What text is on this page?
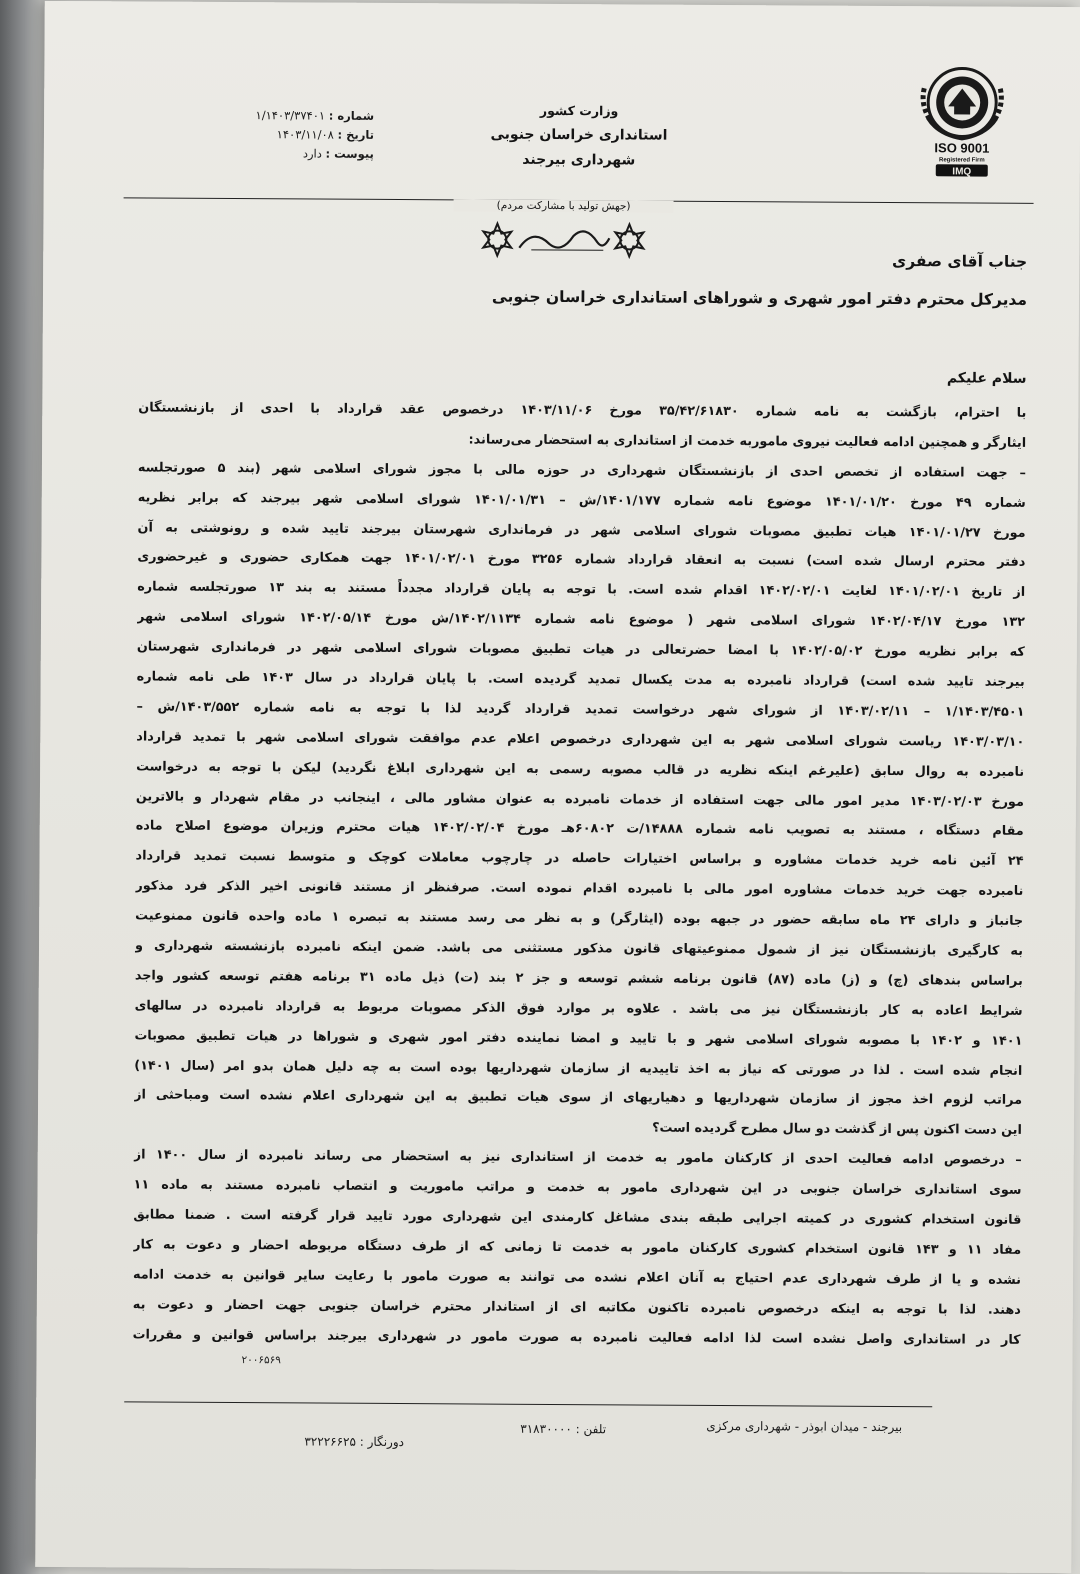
ISO 9001
Registered Firm
IMQ
وزارت کشور
استانداری خراسان جنوبی
شهرداری بیرجند
شماره : ۱/۱۴۰۳/۳۷۴۰۱
تاریخ : ۱۴۰۳/۱۱/۰۸
پیوست : دارد
(جهش تولید با مشارکت مردم)
جناب آقای صفری
مدیرکل محترم دفتر امور شهری و شوراهای استانداری خراسان جنوبی
سلام علیکم
با احترام، بازگشت به نامه شماره ۳۵/۴۲/۶۱۸۳۰ مورخ ۱۴۰۳/۱۱/۰۶ درخصوص عقد قرارداد با احدی از بازنشستگان
ایثارگر و همچنین ادامه فعالیت نیروی ماموربه خدمت از استانداری به استحضار می‌رساند:
– جهت استفاده از تخصص احدی از بازنشستگان شهرداری در حوزه مالی با مجوز شورای اسلامی شهر (بند ۵ صورتجلسه
شماره ۴۹ مورخ ۱۴۰۱/۰۱/۲۰ موضوع نامه شماره ۱۴۰۱/۱۷۷/ش – ۱۴۰۱/۰۱/۳۱ شورای اسلامی شهر بیرجند که برابر نظریه
مورخ ۱۴۰۱/۰۱/۲۷ هیات تطبیق مصوبات شورای اسلامی شهر در فرمانداری شهرستان بیرجند تایید شده و رونوشتی به آن
دفتر محترم ارسال شده است) نسبت به انعقاد قرارداد شماره ۳۲۵۶ مورخ ۱۴۰۱/۰۲/۰۱ جهت همکاری حضوری و غیرحضوری
از تاریخ ۱۴۰۱/۰۲/۰۱ لغایت ۱۴۰۲/۰۲/۰۱ اقدام شده است. با توجه به پایان قرارداد مجدداً مستند به بند ۱۳ صورتجلسه شماره
۱۳۲ مورخ ۱۴۰۲/۰۴/۱۷ شورای اسلامی شهر ( موضوع نامه شماره ۱۴۰۲/۱۱۳۴/ش مورخ ۱۴۰۲/۰۵/۱۴ شورای اسلامی شهر
که برابر نظریه مورخ ۱۴۰۲/۰۵/۰۲ با امضا حضرتعالی در هیات تطبیق مصوبات شورای اسلامی شهر در فرمانداری شهرستان
بیرجند تایید شده است) قرارداد نامبرده به مدت یکسال تمدید گردیده است. با پایان قرارداد در سال ۱۴۰۳ طی نامه شماره
۱/۱۴۰۳/۴۵۰۱ – ۱۴۰۳/۰۲/۱۱ از شورای شهر درخواست تمدید قرارداد گردید لذا با توجه به نامه شماره ۱۴۰۳/۵۵۲/ش –
۱۴۰۳/۰۳/۱۰ ریاست شورای اسلامی شهر به این شهرداری درخصوص اعلام عدم موافقت شورای اسلامی شهر با تمدید قرارداد
نامبرده به روال سابق (علیرغم اینکه نظریه در قالب مصوبه رسمی به این شهرداری ابلاغ نگردید) لیکن با توجه به درخواست
مورخ ۱۴۰۳/۰۲/۰۳ مدیر امور مالی جهت استفاده از خدمات نامبرده به عنوان مشاور مالی ، اینجانب در مقام شهردار و بالاترین
مقام دستگاه ، مستند به تصویب نامه شماره ۱۴۸۸۸/ت ۶۰۸۰۲هـ مورخ ۱۴۰۲/۰۲/۰۴ هیات محترم وزیران موضوع اصلاح ماده
۲۴ آئین نامه خرید خدمات مشاوره و براساس اختیارات حاصله در چارچوب معاملات کوچک و متوسط نسبت تمدید قرارداد
نامبرده جهت خرید خدمات مشاوره امور مالی با نامبرده اقدام نموده است. صرفنظر از مستند قانونی اخیر الذکر فرد مذکور
جانباز و دارای ۲۴ ماه سابقه حضور در جبهه بوده (ایثارگر) و به نظر می رسد مستند به تبصره ۱ ماده واحده قانون ممنوعیت
به کارگیری بازنشستگان نیز از شمول ممنوعیتهای قانون مذکور مستثنی می باشد. ضمن اینکه نامبرده بازنشسته شهرداری و
براساس بندهای (چ) و (ز) ماده (۸۷) قانون برنامه ششم توسعه و جز ۲ بند (ت) ذیل ماده ۳۱ برنامه هفتم توسعه کشور واجد
شرایط اعاده به کار بازنشستگان نیز می باشد . علاوه بر موارد فوق الذکر مصوبات مربوط به قرارداد نامبرده در سالهای
۱۴۰۱ و ۱۴۰۲ با مصوبه شورای اسلامی شهر و با تایید و امضا نماینده دفتر امور شهری و شوراها در هیات تطبیق مصوبات
انجام شده است . لذا در صورتی که نیاز به اخذ تاییدیه از سازمان شهرداریها بوده است به چه دلیل همان بدو امر (سال ۱۴۰۱)
مراتب لزوم اخذ مجوز از سازمان شهرداریها و دهیاریهای از سوی هیات تطبیق به این شهرداری اعلام نشده است ومباحثی از
این دست اکنون پس از گذشت دو سال مطرح گردیده است؟
– درخصوص ادامه فعالیت احدی از کارکنان مامور به خدمت از استانداری نیز به استحضار می رساند نامبرده از سال ۱۴۰۰ از
سوی استانداری خراسان جنوبی در این شهرداری مامور به خدمت و مراتب ماموریت و انتصاب نامبرده مستند به ماده ۱۱
قانون استخدام کشوری در کمیته اجرایی طبقه بندی مشاغل کارمندی این شهرداری مورد تایید قرار گرفته است . ضمنا مطابق
مفاد ۱۱ و ۱۴۳ قانون استخدام کشوری کارکنان مامور به خدمت تا زمانی که از طرف دستگاه مربوطه احضار و دعوت به کار
نشده و یا از طرف شهرداری عدم احتیاج به آنان اعلام نشده می توانند به صورت مامور با رعایت سایر قوانین به خدمت ادامه
دهند. لذا با توجه به اینکه درخصوص نامبرده تاکنون مکاتبه ای از استاندار محترم خراسان جنوبی جهت احضار و دعوت به
کار در استانداری واصل نشده است لذا ادامه فعالیت نامبرده به صورت مامور در شهرداری بیرجند براساس قوانین و مقررات
۲۰۰۶۵۶۹
بیرجند - میدان ابوذر - شهرداری مرکزی
تلفن : ۳۱۸۳۰۰۰۰
دورنگار : ۳۲۲۲۶۶۲۵
